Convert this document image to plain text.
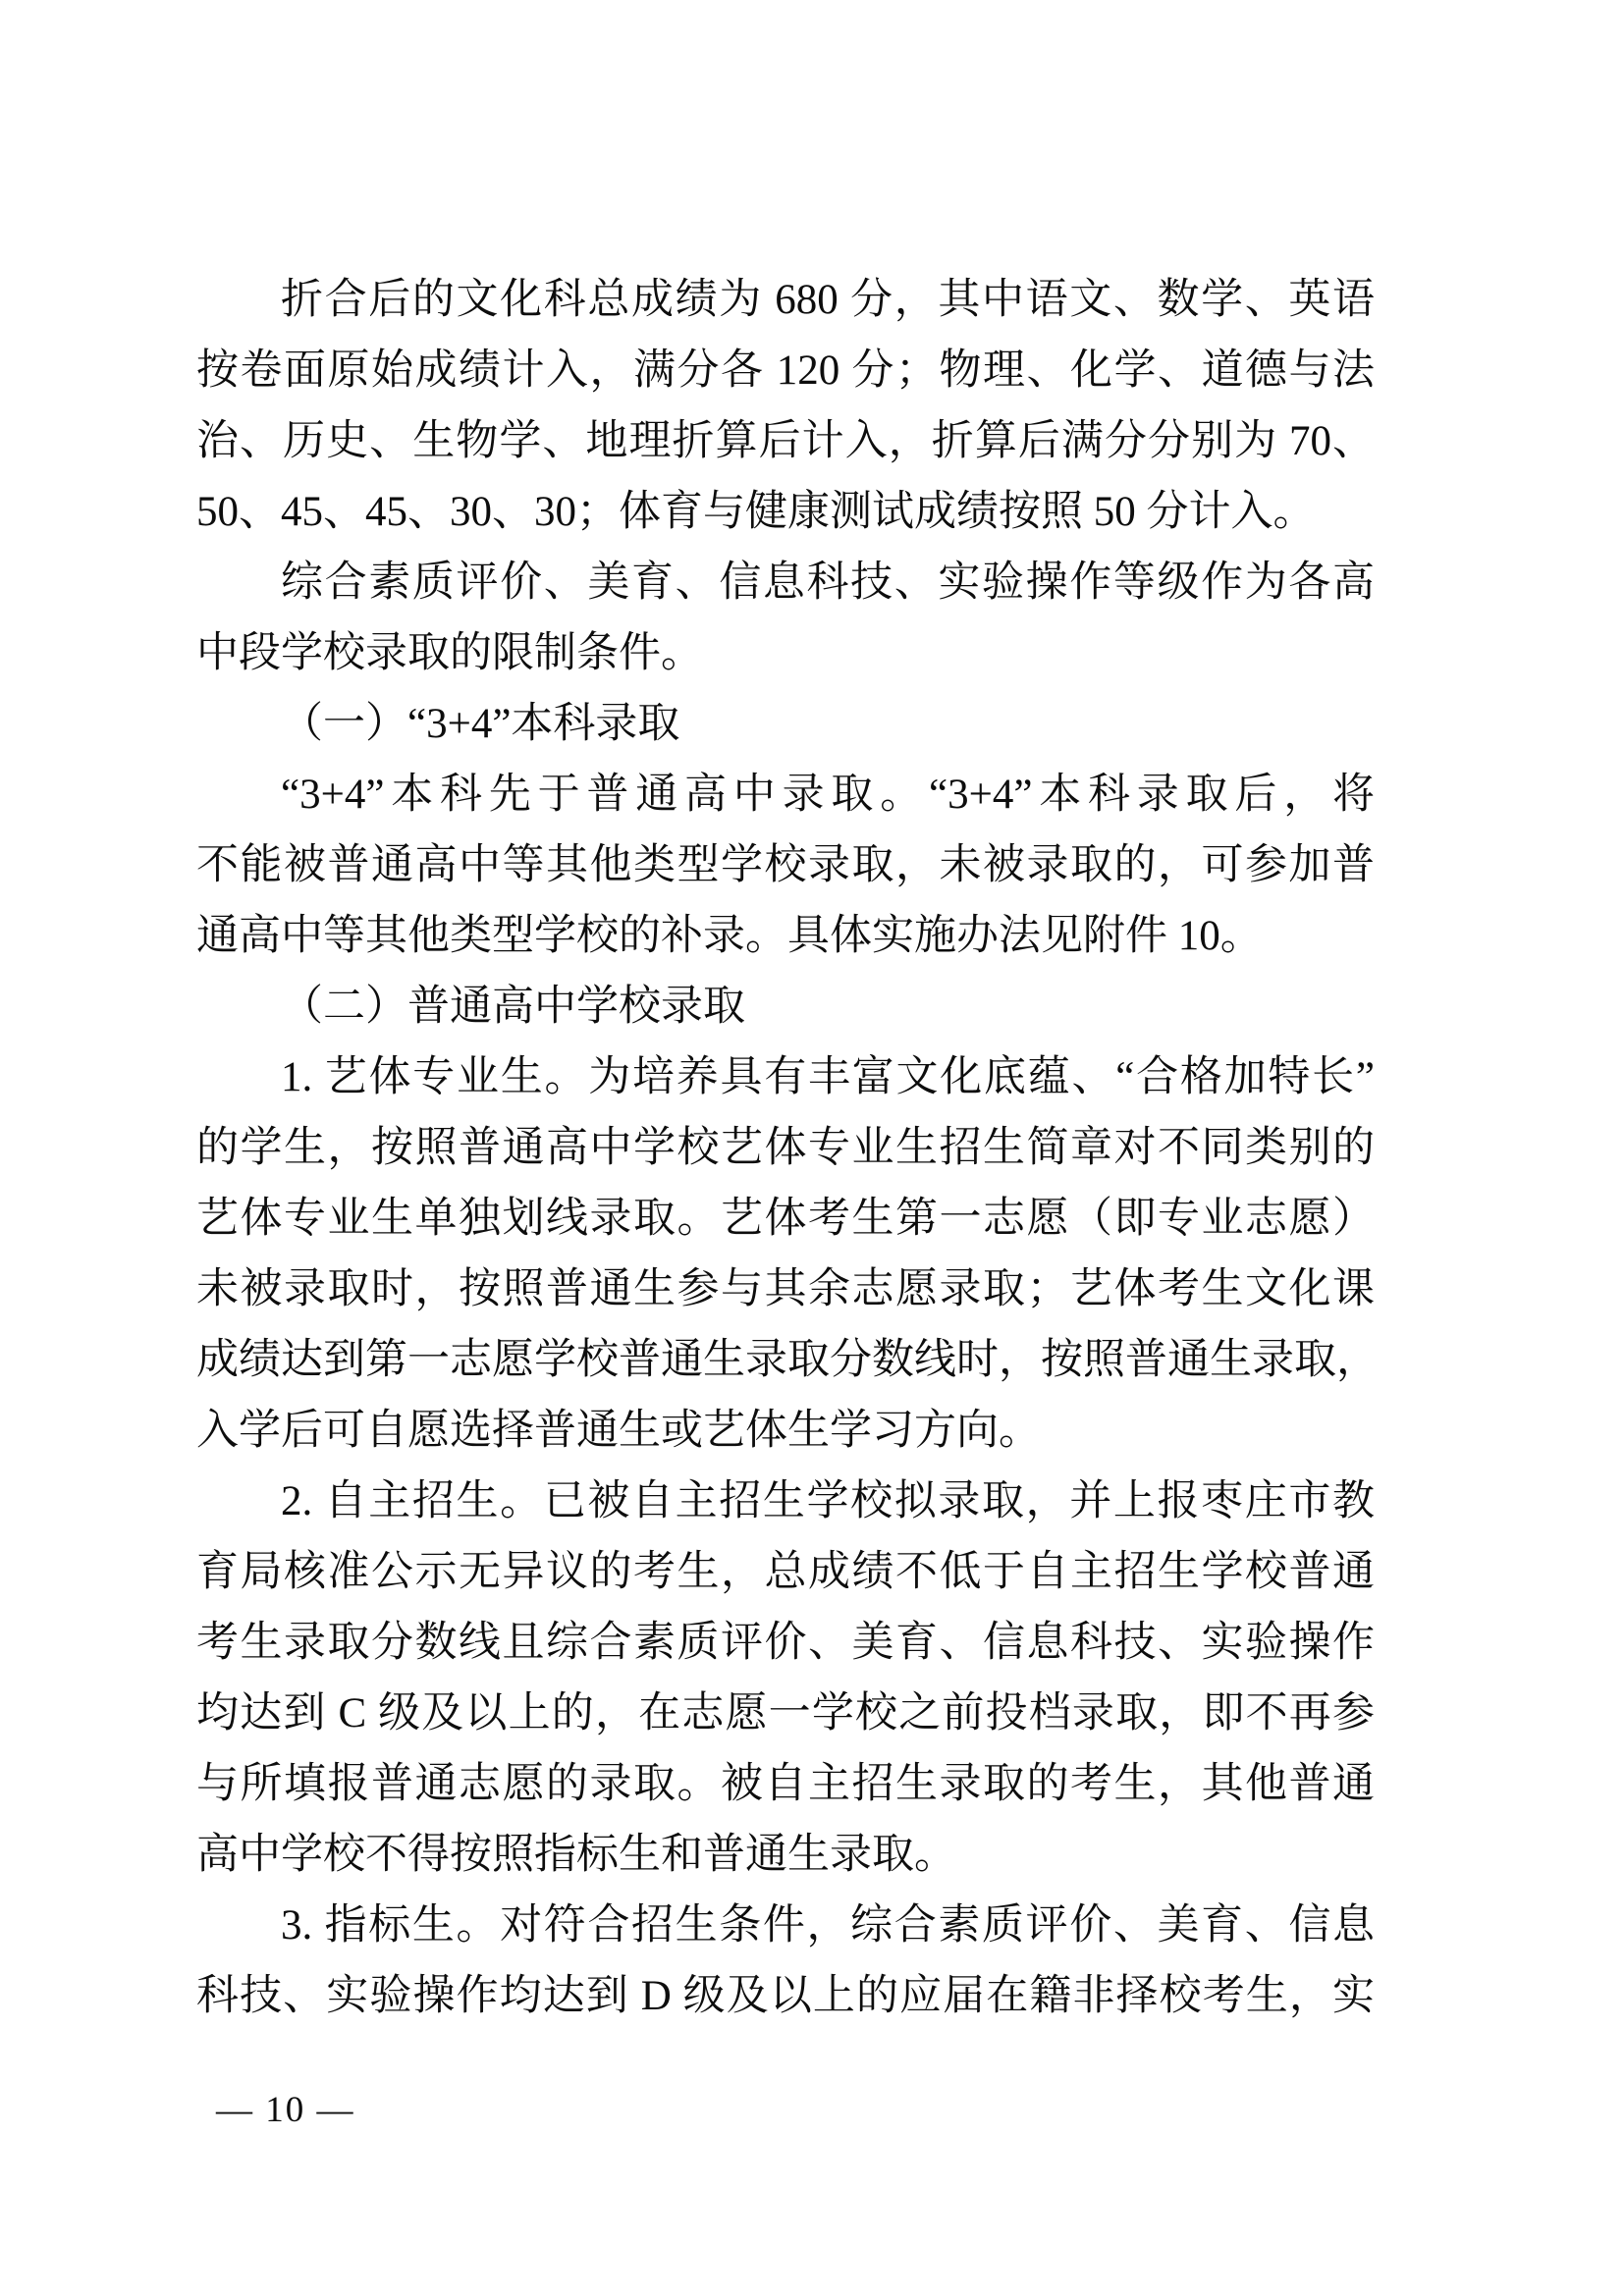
折合后的文化科总成绩为 680 分，其中语文、数学、英语
按卷面原始成绩计入，满分各 120 分；物理、化学、道德与法
治、历史、生物学、地理折算后计入，折算后满分分别为 70、
50、45、45、30、30；体育与健康测试成绩按照 50 分计入。
综合素质评价、美育、信息科技、实验操作等级作为各高
中段学校录取的限制条件。
（一）“3+4”本科录取
“3+4”本科先于普通高中录取。“3+4”本科录取后，将
不能被普通高中等其他类型学校录取，未被录取的，可参加普
通高中等其他类型学校的补录。具体实施办法见附件 10。
（二）普通高中学校录取
1. 艺体专业生。为培养具有丰富文化底蕴、“合格加特长”
的学生，按照普通高中学校艺体专业生招生简章对不同类别的
艺体专业生单独划线录取。艺体考生第一志愿（即专业志愿）
未被录取时，按照普通生参与其余志愿录取；艺体考生文化课
成绩达到第一志愿学校普通生录取分数线时，按照普通生录取，
入学后可自愿选择普通生或艺体生学习方向。
2. 自主招生。已被自主招生学校拟录取，并上报枣庄市教
育局核准公示无异议的考生，总成绩不低于自主招生学校普通
考生录取分数线且综合素质评价、美育、信息科技、实验操作
均达到 C 级及以上的，在志愿一学校之前投档录取，即不再参
与所填报普通志愿的录取。被自主招生录取的考生，其他普通
高中学校不得按照指标生和普通生录取。
3. 指标生。对符合招生条件，综合素质评价、美育、信息
科技、实验操作均达到 D 级及以上的应届在籍非择校考生，实
— 10 —
